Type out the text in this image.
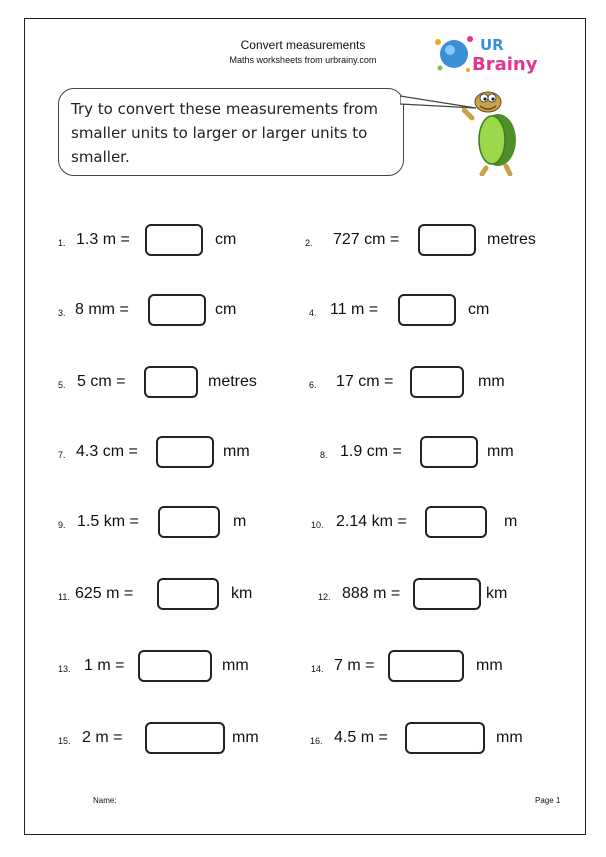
Convert measurements
Maths worksheets from urbrainy.com
UR
Brainy
Try to convert these measurements from smaller units to larger or larger units to smaller.
1. 1.3 m =	cm	2. 727 cm =	metres
3. 8 mm =	cm	4. 11 m =	cm
5. 5 cm =	metres	6. 17 cm =	mm
7. 4.3 cm =	mm	8. 1.9 cm =	mm
9. 1.5 km =	m	10. 2.14 km =	m
11. 625 m =	km	12. 888 m =	km
13. 1 m =	mm	14. 7 m =	mm
15. 2 m =	mm	16. 4.5 m =	mm
Name:	Page 1
